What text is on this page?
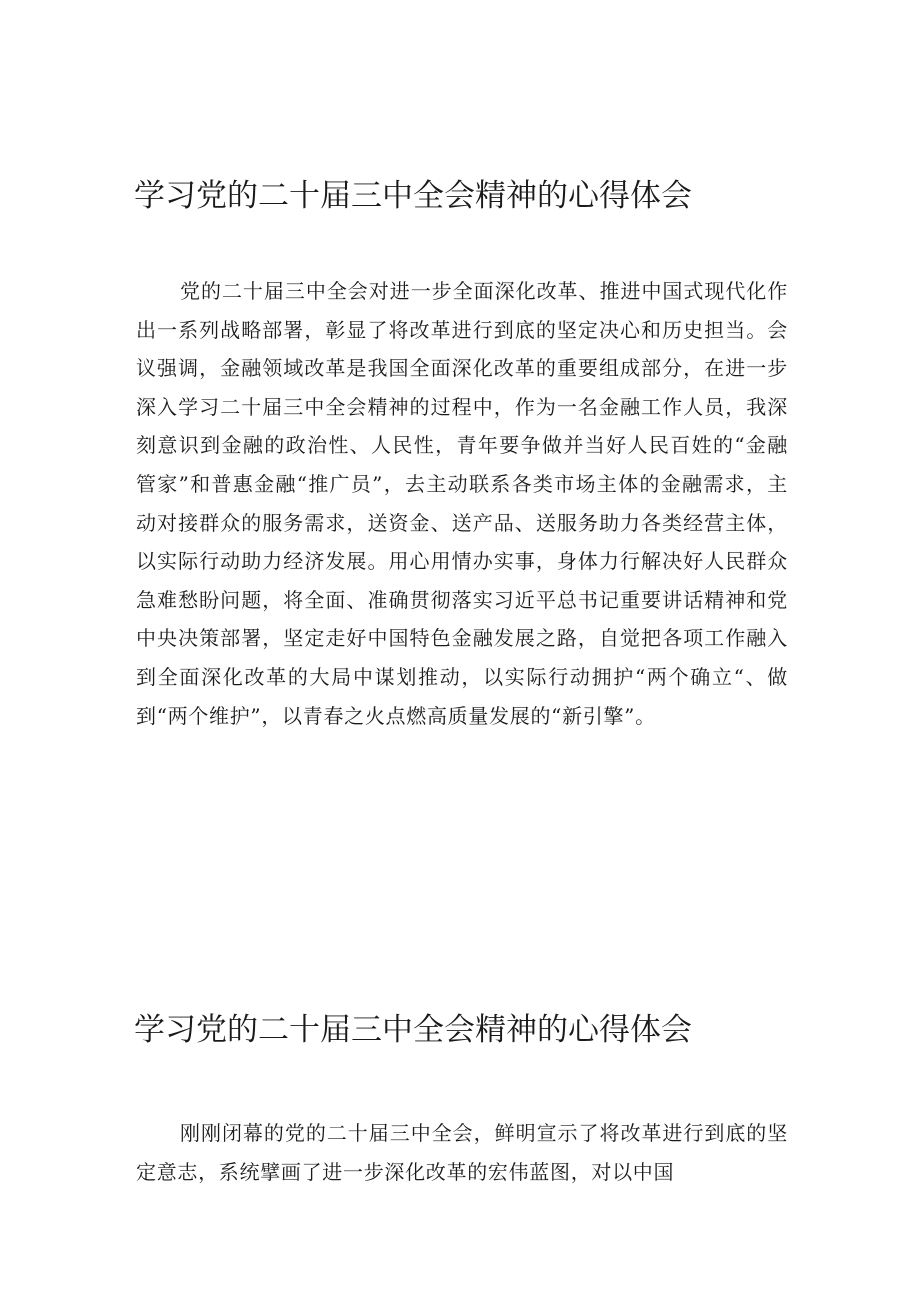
学习党的二十届三中全会精神的心得体会

党的二十届三中全会对进一步全面深化改革、推进中国式现代化作出一系列战略部署，彰显了将改革进行到底的坚定决心和历史担当。会议强调，金融领域改革是我国全面深化改革的重要组成部分，在进一步深入学习二十届三中全会精神的过程中，作为一名金融工作人员，我深刻意识到金融的政治性、人民性，青年要争做并当好人民百姓的“金融管家”和普惠金融“推广员”，去主动联系各类市场主体的金融需求，主动对接群众的服务需求，送资金、送产品、送服务助力各类经营主体，以实际行动助力经济发展。用心用情办实事，身体力行解决好人民群众急难愁盼问题，将全面、准确贯彻落实习近平总书记重要讲话精神和党中央决策部署，坚定走好中国特色金融发展之路，自觉把各项工作融入到全面深化改革的大局中谋划推动，以实际行动拥护“两个确立“、做到“两个维护”，以青春之火点燃高质量发展的“新引擎”。

学习党的二十届三中全会精神的心得体会

刚刚闭幕的党的二十届三中全会，鲜明宣示了将改革进行到底的坚定意志，系统擘画了进一步深化改革的宏伟蓝图，对以中国
